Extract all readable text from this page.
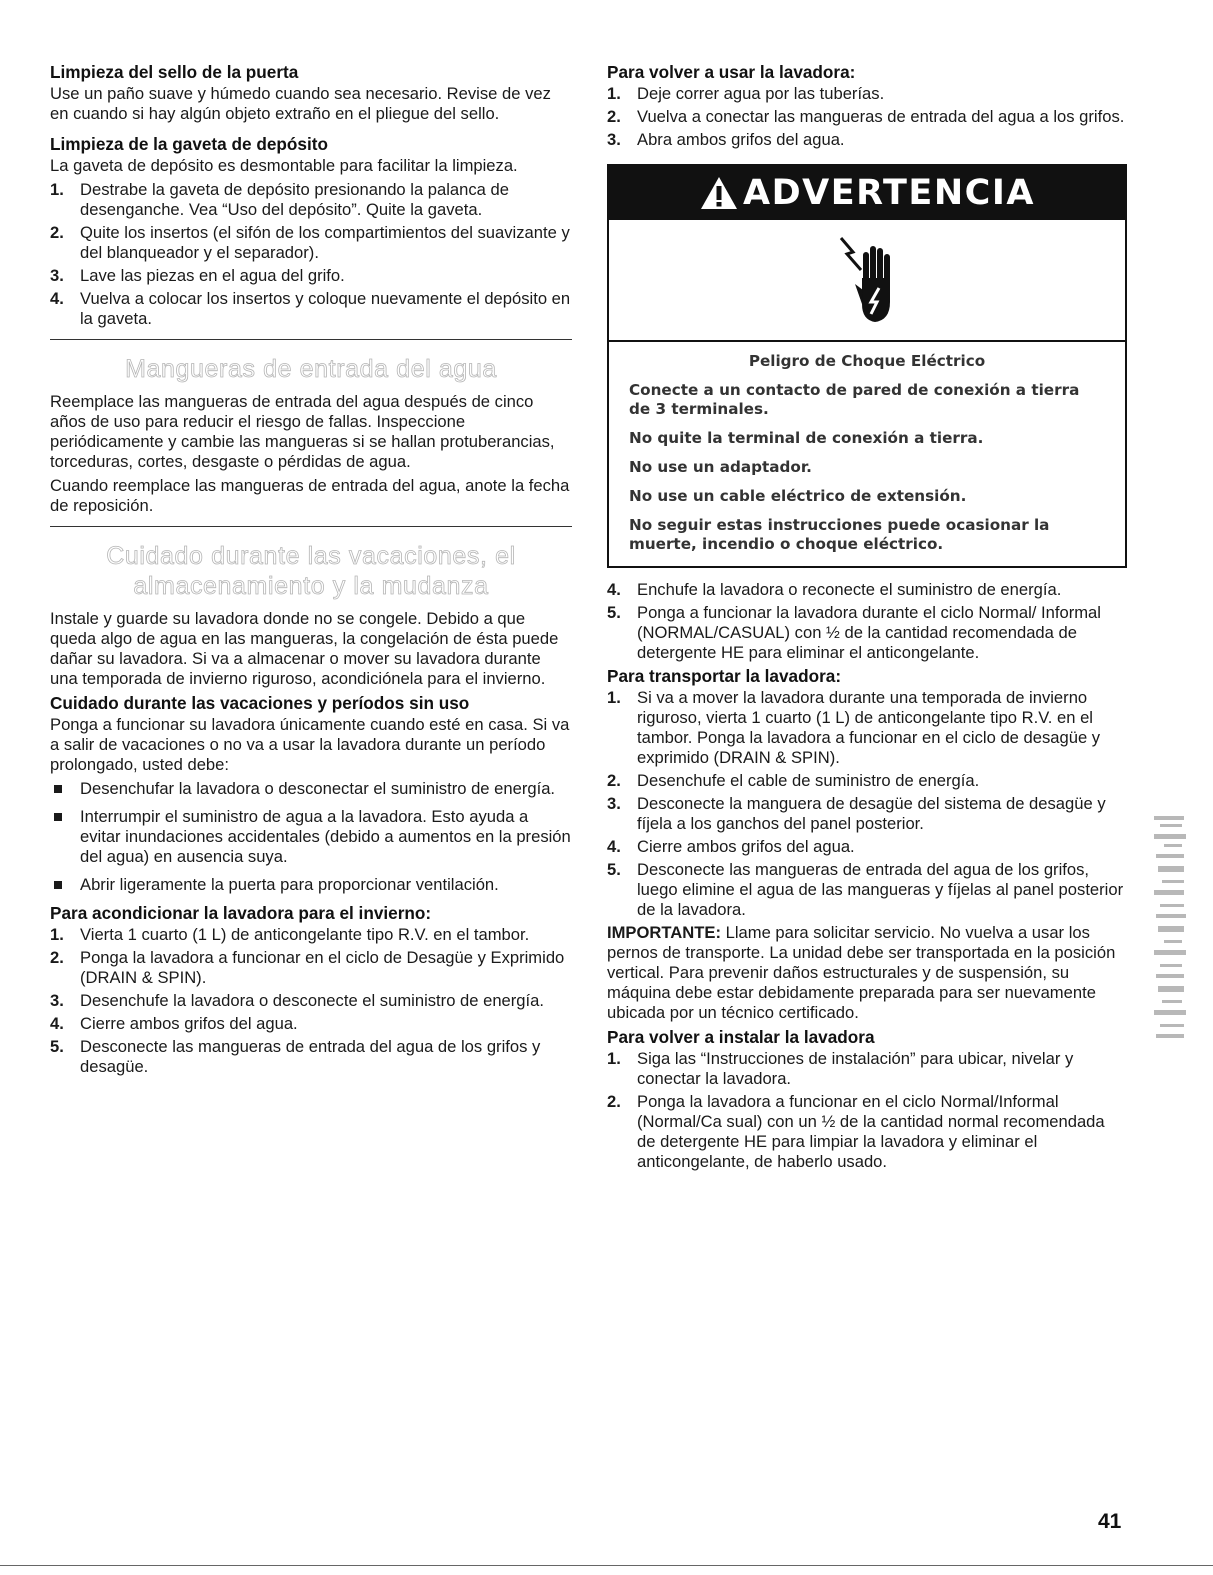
Limpieza del sello de la puerta

Use un paño suave y húmedo cuando sea necesario. Revise de vez en cuando si hay algún objeto extraño en el pliegue del sello.

Limpieza de la gaveta de depósito

La gaveta de depósito es desmontable para facilitar la limpieza.

1. Destrabe la gaveta de depósito presionando la palanca de desenganche. Vea “Uso del depósito”. Quite la gaveta.
2. Quite los insertos (el sifón de los compartimientos del suavizante y del blanqueador y el separador).
3. Lave las piezas en el agua del grifo.
4. Vuelva a colocar los insertos y coloque nuevamente el depósito en la gaveta.
Mangueras de entrada del agua

Reemplace las mangueras de entrada del agua después de cinco años de uso para reducir el riesgo de fallas. Inspeccione periódicamente y cambie las mangueras si se hallan protuberancias, torceduras, cortes, desgaste o pérdidas de agua.

Cuando reemplace las mangueras de entrada del agua, anote la fecha de reposición.

Cuidado durante las vacaciones, el
almacenamiento y la mudanza

Instale y guarde su lavadora donde no se congele. Debido a que queda algo de agua en las mangueras, la congelación de ésta puede dañar su lavadora. Si va a almacenar o mover su lavadora durante una temporada de invierno riguroso, acondiciónela para el invierno.

Cuidado durante las vacaciones y períodos sin uso

Ponga a funcionar su lavadora únicamente cuando esté en casa. Si va a salir de vacaciones o no va a usar la lavadora durante un período prolongado, usted debe:

Desenchufar la lavadora o desconectar el suministro de energía.
Interrumpir el suministro de agua a la lavadora. Esto ayuda a evitar inundaciones accidentales (debido a aumentos en la presión del agua) en ausencia suya.
Abrir ligeramente la puerta para proporcionar ventilación.
Para acondicionar la lavadora para el invierno:
1. Vierta 1 cuarto (1 L) de anticongelante tipo R.V. en el tambor.
2. Ponga la lavadora a funcionar en el ciclo de Desagüe y Exprimido (DRAIN & SPIN).
3. Desenchufe la lavadora o desconecte el suministro de energía.
4. Cierre ambos grifos del agua.
5. Desconecte las mangueras de entrada del agua de los grifos y desagüe.
Para volver a usar la lavadora:
1. Deje correr agua por las tuberías.
2. Vuelva a conectar las mangueras de entrada del agua a los grifos.
3. Abra ambos grifos del agua.
ADVERTENCIA
Peligro de Choque Eléctrico
Conecte a un contacto de pared de conexión a tierra de 3 terminales.
No quite la terminal de conexión a tierra.
No use un adaptador.
No use un cable eléctrico de extensión.
No seguir estas instrucciones puede ocasionar la muerte, incendio o choque eléctrico.
4. Enchufe la lavadora o reconecte el suministro de energía.
5. Ponga a funcionar la lavadora durante el ciclo Normal/ Informal (NORMAL/CASUAL) con ½ de la cantidad recomendada de detergente HE para eliminar el anticongelante.
Para transportar la lavadora:
1. Si va a mover la lavadora durante una temporada de invierno riguroso, vierta 1 cuarto (1 L) de anticongelante tipo R.V. en el tambor. Ponga la lavadora a funcionar en el ciclo de desagüe y exprimido (DRAIN & SPIN).
2. Desenchufe el cable de suministro de energía.
3. Desconecte la manguera de desagüe del sistema de desagüe y fíjela a los ganchos del panel posterior.
4. Cierre ambos grifos del agua.
5. Desconecte las mangueras de entrada del agua de los grifos, luego elimine el agua de las mangueras y fíjelas al panel posterior de la lavadora.

IMPORTANTE: Llame para solicitar servicio. No vuelva a usar los pernos de transporte. La unidad debe ser transportada en la posición vertical. Para prevenir daños estructurales y de suspensión, su máquina debe estar debidamente preparada para ser nuevamente ubicada por un técnico certificado.

Para volver a instalar la lavadora
1. Siga las “Instrucciones de instalación” para ubicar, nivelar y conectar la lavadora.
2. Ponga la lavadora a funcionar en el ciclo Normal/Informal (Normal/Ca sual) con un ½ de la cantidad normal recomendada de detergente HE para limpiar la lavadora y eliminar el anticongelante, de haberlo usado.
41
